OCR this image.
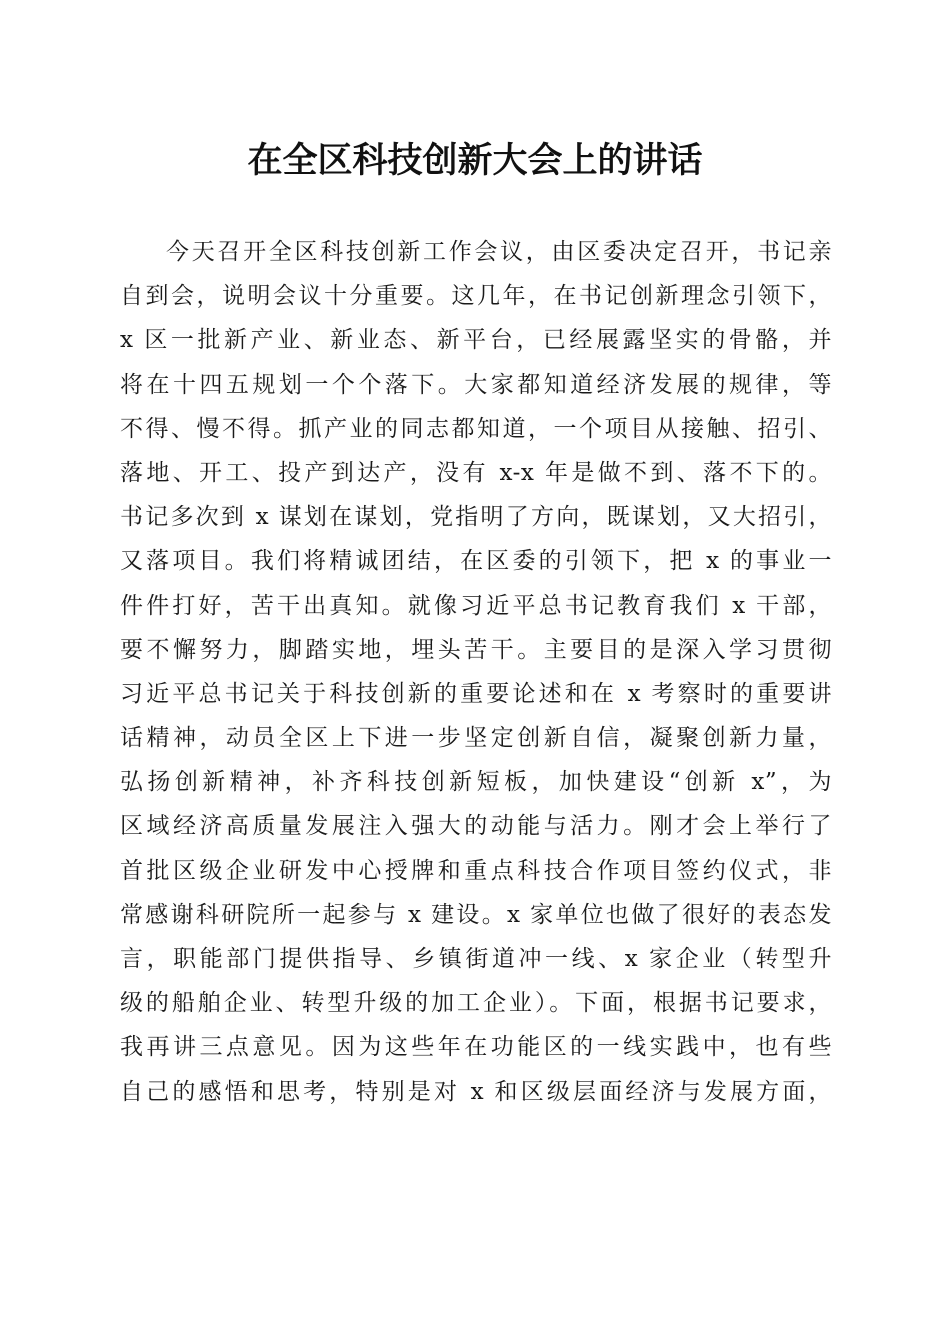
在全区科技创新大会上的讲话
今天召开全区科技创新工作会议，由区委决定召开，书记亲
自到会，说明会议十分重要。这几年，在书记创新理念引领下，
x 区一批新产业、新业态、新平台，已经展露坚实的骨骼，并
将在十四五规划一个个落下。大家都知道经济发展的规律，等
不得、慢不得。抓产业的同志都知道，一个项目从接触、招引、
落地、开工、投产到达产，没有 x-x 年是做不到、落不下的。
书记多次到 x 谋划在谋划，党指明了方向，既谋划，又大招引，
又落项目。我们将精诚团结，在区委的引领下，把 x 的事业一
件件打好，苦干出真知。就像习近平总书记教育我们 x 干部，
要不懈努力，脚踏实地，埋头苦干。主要目的是深入学习贯彻
习近平总书记关于科技创新的重要论述和在 x 考察时的重要讲
话精神，动员全区上下进一步坚定创新自信，凝聚创新力量，
弘扬创新精神，补齐科技创新短板，加快建设“创新 x”，为
区域经济高质量发展注入强大的动能与活力。刚才会上举行了
首批区级企业研发中心授牌和重点科技合作项目签约仪式，非
常感谢科研院所一起参与 x 建设。x 家单位也做了很好的表态发
言，职能部门提供指导、乡镇街道冲一线、x 家企业（转型升
级的船舶企业、转型升级的加工企业）。下面，根据书记要求，
我再讲三点意见。因为这些年在功能区的一线实践中，也有些
自己的感悟和思考，特别是对 x 和区级层面经济与发展方面，
